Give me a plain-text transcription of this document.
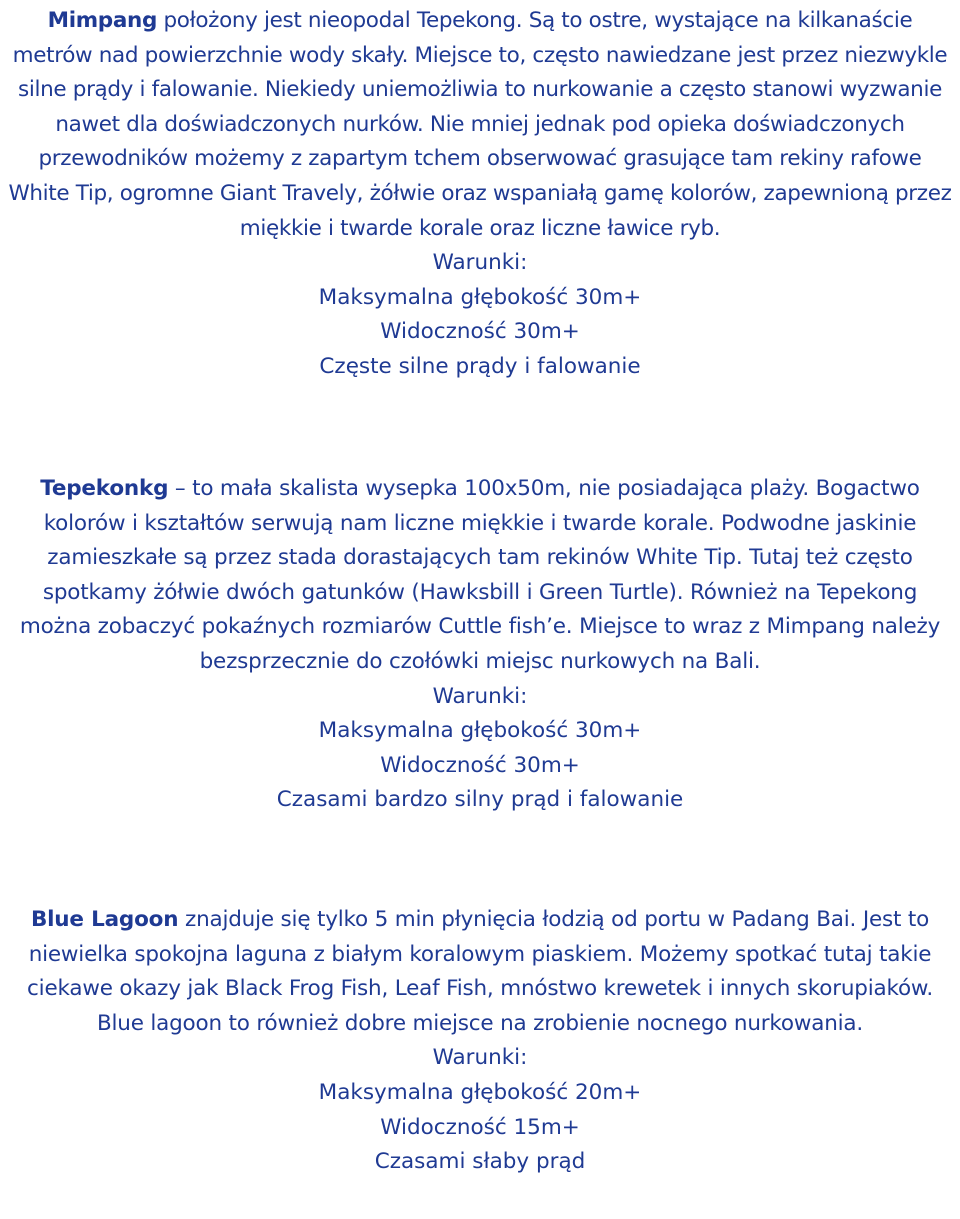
Mimpang położony jest nieopodal Tepekong. Są to ostre, wystające na kilkanaście metrów nad powierzchnie wody skały. Miejsce to, często nawiedzane jest przez niezwykle silne prądy i falowanie. Niekiedy uniemożliwia to nurkowanie a często stanowi wyzwanie nawet dla doświadczonych nurków. Nie mniej jednak pod opieka doświadczonych przewodników możemy z zapartym tchem obserwować grasujące tam rekiny rafowe White Tip, ogromne Giant Travely, żółwie oraz wspaniałą gamę kolorów, zapewnioną przez miękkie i twarde korale oraz liczne ławice ryb.

Warunki:
Maksymalna głębokość 30m+
Widoczność 30m+
Częste silne prądy i falowanie

Tepekonkg – to mała skalista wysepka 100x50m, nie posiadająca plaży. Bogactwo kolorów i kształtów serwują nam liczne miękkie i twarde korale. Podwodne jaskinie zamieszkałe są przez stada dorastających tam rekinów White Tip. Tutaj też często spotkamy żółwie dwóch gatunków (Hawksbill i Green Turtle). Również na Tepekong można zobaczyć pokaźnych rozmiarów Cuttle fish’e. Miejsce to wraz z Mimpang należy bezsprzecznie do czołówki miejsc nurkowych na Bali.

Warunki:
Maksymalna głębokość 30m+
Widoczność 30m+
Czasami bardzo silny prąd i falowanie

Blue Lagoon znajduje się tylko 5 min płynięcia łodzią od portu w Padang Bai. Jest to niewielka spokojna laguna z białym koralowym piaskiem. Możemy spotkać tutaj takie ciekawe okazy jak Black Frog Fish, Leaf Fish, mnóstwo krewetek i innych skorupiaków. Blue lagoon to również dobre miejsce na zrobienie nocnego nurkowania.

Warunki:
Maksymalna głębokość 20m+
Widoczność 15m+
Czasami słaby prąd
